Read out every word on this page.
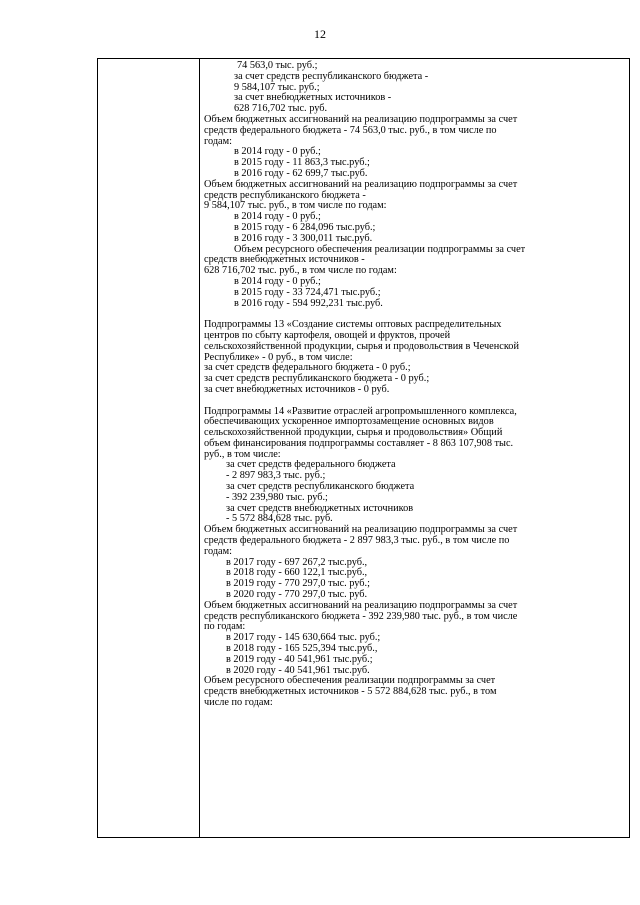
12
74 563,0 тыс. руб.;
за счет средств республиканского бюджета -
9 584,107 тыс. руб.;
за счет внебюджетных источников -
628 716,702 тыс. руб.
Объем бюджетных ассигнований на реализацию подпрограммы за счет
средств федерального бюджета - 74 563,0 тыс. руб., в том числе по
годам:
в 2014 году - 0 руб.;
в 2015 году - 11 863,3 тыс.руб.;
в 2016 году - 62 699,7 тыс.руб.
Объем бюджетных ассигнований на реализацию подпрограммы за счет
средств республиканского бюджета -
9 584,107 тыс. руб., в том числе по годам:
в 2014 году - 0 руб.;
в 2015 году - 6 284,096 тыс.руб.;
в 2016 году - 3 300,011 тыс.руб.
Объем ресурсного обеспечения реализации подпрограммы за счет
средств внебюджетных источников -
628 716,702 тыс. руб., в том числе по годам:
в 2014 году - 0 руб.;
в 2015 году - 33 724,471 тыс.руб.;
в 2016 году - 594 992,231 тыс.руб.
Подпрограммы 13 «Создание системы оптовых распределительных
центров по сбыту картофеля, овощей и фруктов, прочей
сельскохозяйственной продукции, сырья и продовольствия в Чеченской
Республике» - 0 руб., в том числе:
за счет средств федерального бюджета - 0 руб.;
за счет средств республиканского бюджета - 0 руб.;
за счет внебюджетных источников - 0 руб.
Подпрограммы 14 «Развитие отраслей агропромышленного комплекса,
обеспечивающих ускоренное импортозамещение основных видов
сельскохозяйственной продукции, сырья и продовольствия» Общий
объем финансирования подпрограммы составляет - 8 863 107,908 тыс.
руб., в том числе:
за счет средств федерального бюджета
- 2 897 983,3 тыс. руб.;
за счет средств республиканского бюджета
- 392 239,980 тыс. руб.;
за счет средств внебюджетных источников
- 5 572 884,628 тыс. руб.
Объем бюджетных ассигнований на реализацию подпрограммы за счет
средств федерального бюджета - 2 897 983,3 тыс. руб., в том числе по
годам:
в 2017 году - 697 267,2 тыс.руб.,
в 2018 году - 660 122,1 тыс.руб.,
в 2019 году - 770 297,0 тыс. руб.;
в 2020 году - 770 297,0 тыс. руб.
Объем бюджетных ассигнований на реализацию подпрограммы за счет
средств республиканского бюджета - 392 239,980 тыс. руб., в том числе
по годам:
в 2017 году - 145 630,664 тыс. руб.;
в 2018 году - 165 525,394 тыс.руб.,
в 2019 году - 40 541,961 тыс.руб.;
в 2020 году - 40 541,961 тыс.руб.
Объем ресурсного обеспечения реализации подпрограммы за счет
средств внебюджетных источников - 5 572 884,628 тыс. руб., в том
числе по годам:
